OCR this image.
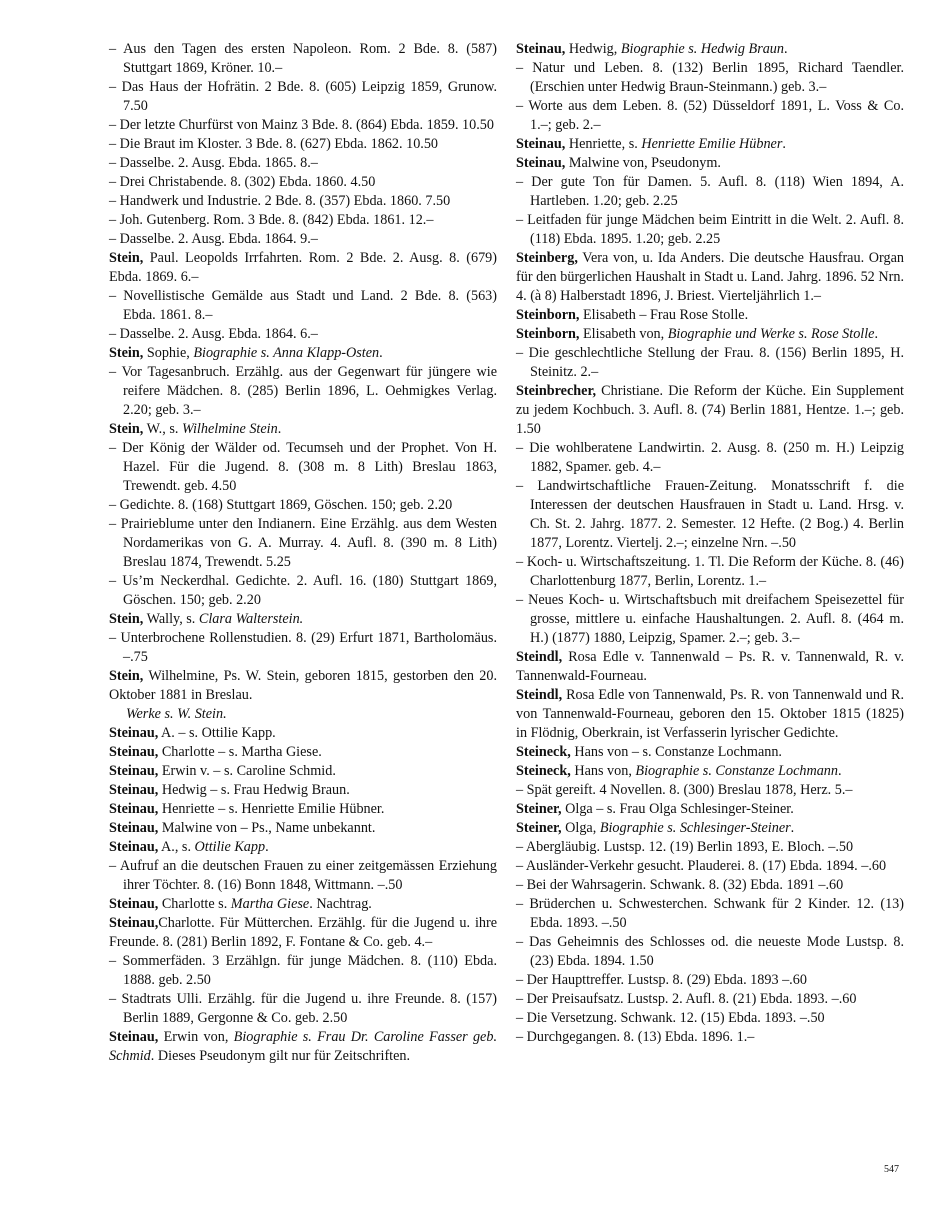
– Aus den Tagen des ersten Napoleon. Rom. 2 Bde. 8. (587) Stuttgart 1869, Kröner. 10.–

– Das Haus der Hofrätin. 2 Bde. 8. (605) Leipzig 1859, Grunow. 7.50

– Der letzte Churfürst von Mainz 3 Bde. 8. (864) Ebda. 1859. 10.50

– Die Braut im Kloster. 3 Bde. 8. (627) Ebda. 1862. 10.50

– Dasselbe. 2. Ausg. Ebda. 1865. 8.–

– Drei Christabende. 8. (302) Ebda. 1860. 4.50

– Handwerk und Industrie. 2 Bde. 8. (357) Ebda. 1860. 7.50

– Joh. Gutenberg. Rom. 3 Bde. 8. (842) Ebda. 1861. 12.–

– Dasselbe. 2. Ausg. Ebda. 1864. 9.–

Stein, Paul. Leopolds Irrfahrten. Rom. 2 Bde. 2. Ausg. 8. (679) Ebda. 1869. 6.–

– Novellistische Gemälde aus Stadt und Land. 2 Bde. 8. (563) Ebda. 1861. 8.–

– Dasselbe. 2. Ausg. Ebda. 1864. 6.–

Stein, Sophie, Biographie s. Anna Klapp-Osten.

– Vor Tagesanbruch. Erzählg. aus der Gegenwart für jüngere wie reifere Mädchen. 8. (285) Berlin 1896, L. Oehmigkes Verlag. 2.20; geb. 3.–

Stein, W., s. Wilhelmine Stein.

– Der König der Wälder od. Tecumseh und der Prophet. Von H. Hazel. Für die Jugend. 8. (308 m. 8 Lith) Breslau 1863, Trewendt. geb. 4.50

– Gedichte. 8. (168) Stuttgart 1869, Göschen. 150; geb. 2.20

– Prairieblume unter den Indianern. Eine Erzählg. aus dem Westen Nordamerikas von G. A. Murray. 4. Aufl. 8. (390 m. 8 Lith) Breslau 1874, Trewendt. 5.25

– Us’m Neckerdhal. Gedichte. 2. Aufl. 16. (180) Stuttgart 1869, Göschen. 150; geb. 2.20

Stein, Wally, s. Clara Walterstein.

– Unterbrochene Rollenstudien. 8. (29) Erfurt 1871, Bartholomäus. –.75

Stein, Wilhelmine, Ps. W. Stein, geboren 1815, gestorben den 20. Oktober 1881 in Breslau.

Werke s. W. Stein.

Steinau, A. – s. Ottilie Kapp.

Steinau, Charlotte – s. Martha Giese.

Steinau, Erwin v. – s. Caroline Schmid.

Steinau, Hedwig – s. Frau Hedwig Braun.

Steinau, Henriette – s. Henriette Emilie Hübner.

Steinau, Malwine von – Ps., Name unbekannt.

Steinau, A., s. Ottilie Kapp.

– Aufruf an die deutschen Frauen zu einer zeitgemässen Erziehung ihrer Töchter. 8. (16) Bonn 1848, Wittmann. –.50

Steinau, Charlotte s. Martha Giese. Nachtrag.

Steinau,Charlotte. Für Mütterchen. Erzählg. für die Jugend u. ihre Freunde. 8. (281) Berlin 1892, F. Fontane & Co. geb. 4.–

– Sommerfäden. 3 Erzählgn. für junge Mädchen. 8. (110) Ebda. 1888. geb. 2.50

– Stadtrats Ulli. Erzählg. für die Jugend u. ihre Freunde. 8. (157) Berlin 1889, Gergonne & Co. geb. 2.50

Steinau, Erwin von, Biographie s. Frau Dr. Caroline Fasser geb. Schmid. Dieses Pseudonym gilt nur für Zeitschriften.

Steinau, Hedwig, Biographie s. Hedwig Braun.

– Natur und Leben. 8. (132) Berlin 1895, Richard Taendler. (Erschien unter Hedwig Braun-Steinmann.) geb. 3.–

– Worte aus dem Leben. 8. (52) Düsseldorf 1891, L. Voss & Co. 1.–; geb. 2.–

Steinau, Henriette, s. Henriette Emilie Hübner.

Steinau, Malwine von, Pseudonym.

– Der gute Ton für Damen. 5. Aufl. 8. (118) Wien 1894, A. Hartleben. 1.20; geb. 2.25

– Leitfaden für junge Mädchen beim Eintritt in die Welt. 2. Aufl. 8. (118) Ebda. 1895. 1.20; geb. 2.25

Steinberg, Vera von, u. Ida Anders. Die deutsche Hausfrau. Organ für den bürgerlichen Haushalt in Stadt u. Land. Jahrg. 1896. 52 Nrn. 4. (à 8) Halberstadt 1896, J. Briest. Vierteljährlich 1.–

Steinborn, Elisabeth – Frau Rose Stolle.

Steinborn, Elisabeth von, Biographie und Werke s. Rose Stolle.

– Die geschlechtliche Stellung der Frau. 8. (156) Berlin 1895, H. Steinitz. 2.–

Steinbrecher, Christiane. Die Reform der Küche. Ein Supplement zu jedem Kochbuch. 3. Aufl. 8. (74) Berlin 1881, Hentze. 1.–; geb. 1.50

– Die wohlberatene Landwirtin. 2. Ausg. 8. (250 m. H.) Leipzig 1882, Spamer. geb. 4.–

– Landwirtschaftliche Frauen-Zeitung. Monatsschrift f. die Interessen der deutschen Hausfrauen in Stadt u. Land. Hrsg. v. Ch. St. 2. Jahrg. 1877. 2. Semester. 12 Hefte. (2 Bog.) 4. Berlin 1877, Lorentz. Viertelj. 2.–; einzelne Nrn. –.50

– Koch- u. Wirtschaftszeitung. 1. Tl. Die Reform der Küche. 8. (46) Charlottenburg 1877, Berlin, Lorentz. 1.–

– Neues Koch- u. Wirtschaftsbuch mit dreifachem Speisezettel für grosse, mittlere u. einfache Haushaltungen. 2. Aufl. 8. (464 m. H.) (1877) 1880, Leipzig, Spamer. 2.–; geb. 3.–

Steindl, Rosa Edle v. Tannenwald – Ps. R. v. Tannenwald, R. v. Tannenwald-Fourneau.

Steindl, Rosa Edle von Tannenwald, Ps. R. von Tannenwald und R. von Tannenwald-Fourneau, geboren den 15. Oktober 1815 (1825) in Flödnig, Oberkrain, ist Verfasserin lyrischer Gedichte.

Steineck, Hans von – s. Constanze Lochmann.

Steineck, Hans von, Biographie s. Constanze Lochmann.

– Spät gereift. 4 Novellen. 8. (300) Breslau 1878, Herz. 5.–

Steiner, Olga – s. Frau Olga Schlesinger-Steiner.

Steiner, Olga, Biographie s. Schlesinger-Steiner.

– Abergläubig. Lustsp. 12. (19) Berlin 1893, E. Bloch. –.50

– Ausländer-Verkehr gesucht. Plauderei. 8. (17) Ebda. 1894. –.60

– Bei der Wahrsagerin. Schwank. 8. (32) Ebda. 1891 –.60

– Brüderchen u. Schwesterchen. Schwank für 2 Kinder. 12. (13) Ebda. 1893. –.50

– Das Geheimnis des Schlosses od. die neueste Mode Lustsp. 8. (23) Ebda. 1894. 1.50

– Der Haupttreffer. Lustsp. 8. (29) Ebda. 1893 –.60

– Der Preisaufsatz. Lustsp. 2. Aufl. 8. (21) Ebda. 1893. –.60

– Die Versetzung. Schwank. 12. (15) Ebda. 1893. –.50

– Durchgegangen. 8. (13) Ebda. 1896. 1.–

547
